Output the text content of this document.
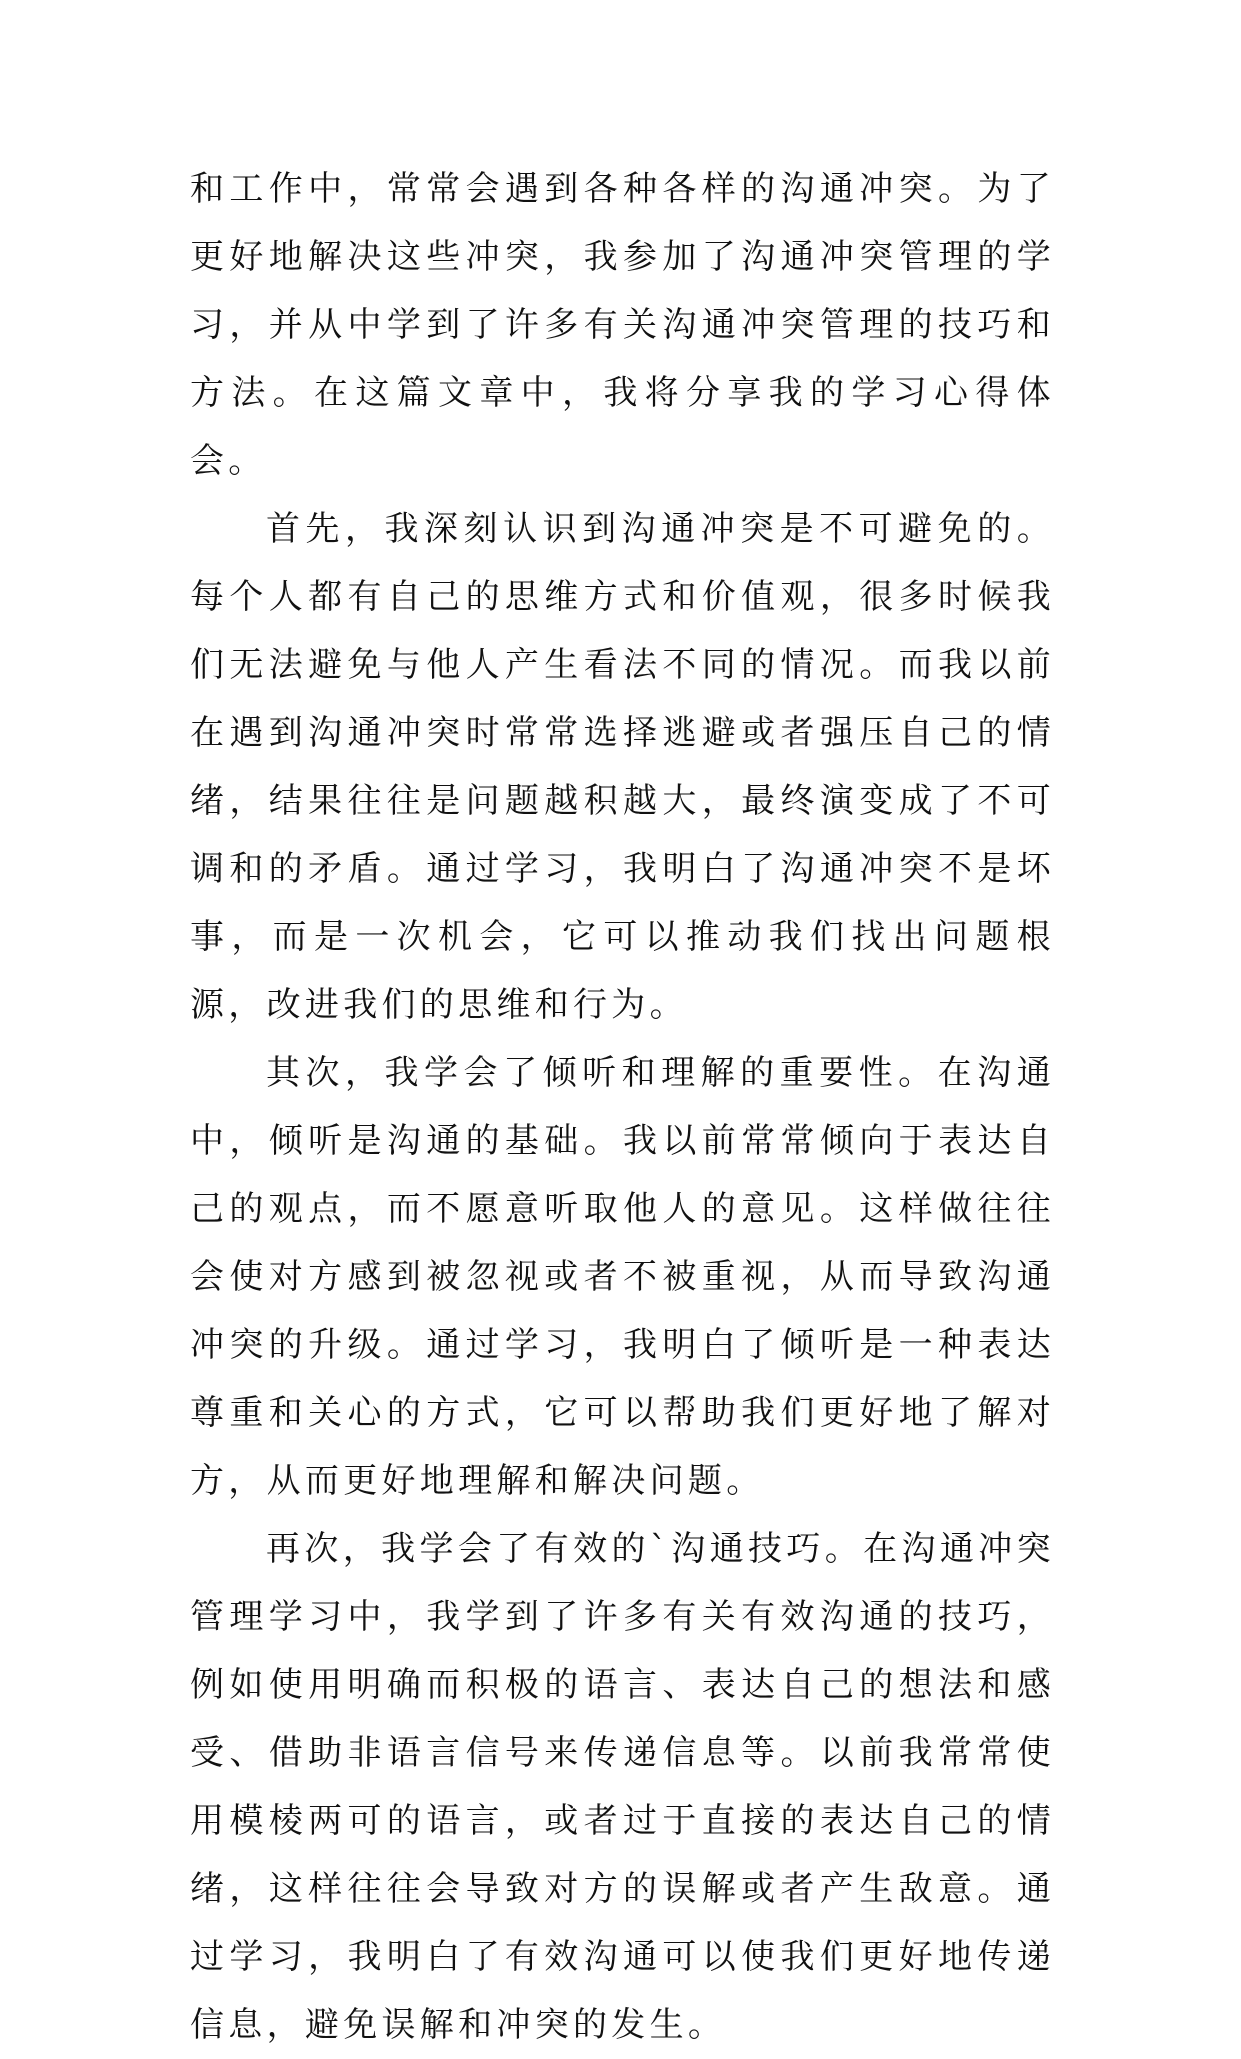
和工作中，常常会遇到各种各样的沟通冲突。为了更好地解决这些冲突，我参加了沟通冲突管理的学习，并从中学到了许多有关沟通冲突管理的技巧和方法。在这篇文章中，我将分享我的学习心得体会。

首先，我深刻认识到沟通冲突是不可避免的。每个人都有自己的思维方式和价值观，很多时候我们无法避免与他人产生看法不同的情况。而我以前在遇到沟通冲突时常常选择逃避或者强压自己的情绪，结果往往是问题越积越大，最终演变成了不可调和的矛盾。通过学习，我明白了沟通冲突不是坏事，而是一次机会，它可以推动我们找出问题根源，改进我们的思维和行为。

其次，我学会了倾听和理解的重要性。在沟通中，倾听是沟通的基础。我以前常常倾向于表达自己的观点，而不愿意听取他人的意见。这样做往往会使对方感到被忽视或者不被重视，从而导致沟通冲突的升级。通过学习，我明白了倾听是一种表达尊重和关心的方式，它可以帮助我们更好地了解对方，从而更好地理解和解决问题。

再次，我学会了有效的`沟通技巧。在沟通冲突管理学习中，我学到了许多有关有效沟通的技巧，例如使用明确而积极的语言、表达自己的想法和感受、借助非语言信号来传递信息等。以前我常常使用模棱两可的语言，或者过于直接的表达自己的情绪，这样往往会导致对方的误解或者产生敌意。通过学习，我明白了有效沟通可以使我们更好地传递信息，避免误解和冲突的发生。
